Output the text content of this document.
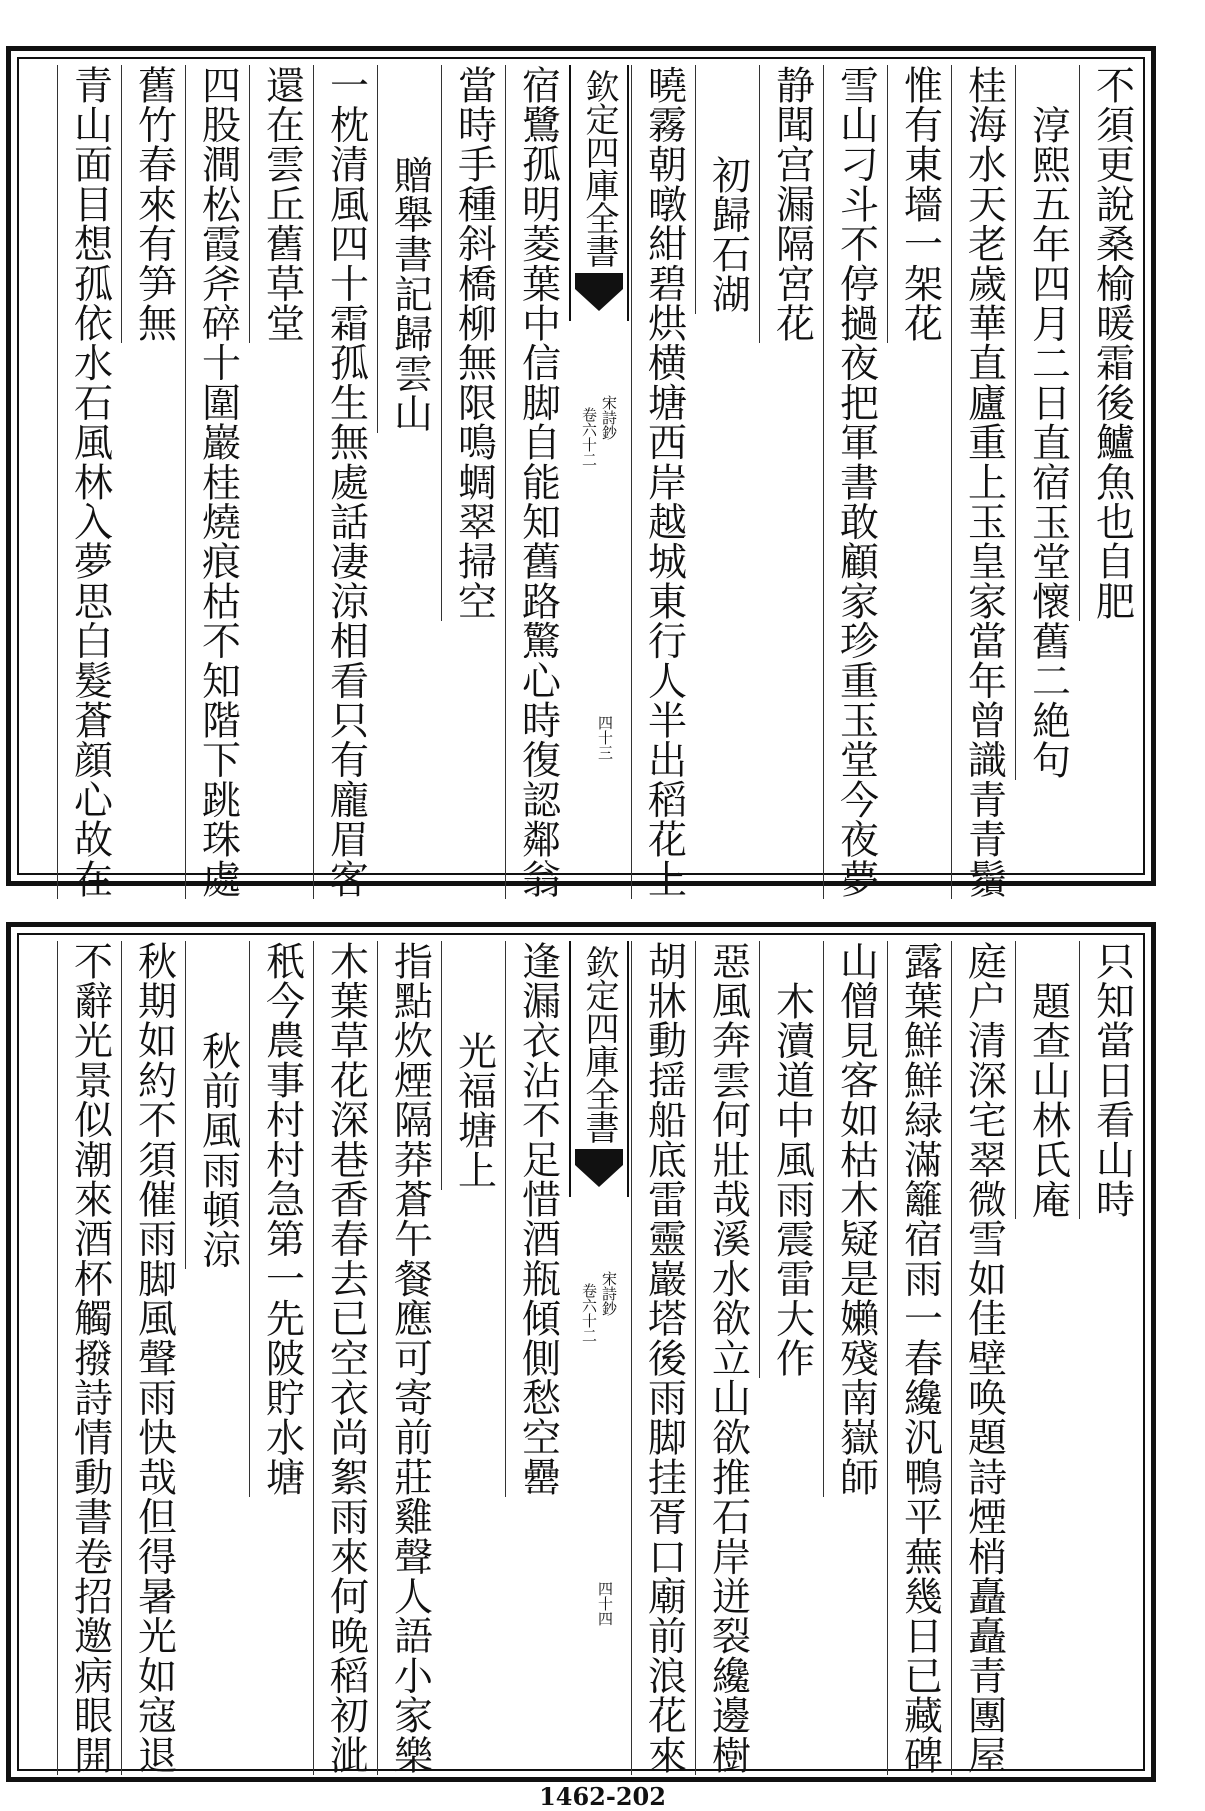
不須更說桑榆暖霜後鱸魚也自肥
淳熙五年四月二日直宿玉堂懷舊二絶句
桂海水天老歲華直廬重上玉皇家當年曾識青青鬚
惟有東墻一架花
雪山刁斗不停撾夜把軍書敢顧家珍重玉堂今夜夢
静聞宫漏隔宮花
初歸石湖
曉霧朝暾紺碧烘横塘西岸越城東行人半出稻花上
欽定四庫全書
宋詩鈔
卷六十二
四十三
宿鷺孤明菱葉中信脚自能知舊路驚心時復認鄰翁
當時手種斜橋柳無限鳴蜩翠掃空
贈舉書記歸雲山
一枕清風四十霜孤生無處話凄涼相看只有龐眉客
還在雲丘舊草堂
四股澗松霞斧碎十圍巖桂燒痕枯不知階下跳珠處
舊竹春來有笋無
青山面目想孤依水石風林入夢思白髮蒼顔心故在
只知當日看山時
題查山林氏庵
庭户清深宅翠微雪如佳壁唤題詩煙梢矗矗青團屋
露葉鮮鮮緑滿籬宿雨一春纔汎鴨平蕪幾日已藏碑
山僧見客如枯木疑是嬾殘南嶽師
木瀆道中風雨震雷大作
惡風奔雲何壯哉溪水欲立山欲推石岸迸裂纔邊樹
胡牀動揺船底雷靈巖塔後雨脚挂胥口廟前浪花來
欽定四庫全書
宋詩鈔
卷六十二
四十四
逢漏衣沾不足惜酒瓶傾側愁空罍
光福塘上
指點炊煙隔莽蒼午餐應可寄前莊雞聲人語小家樂
木葉草花深巷香春去已空衣尚絮雨來何晚稻初泚
秖今農事村村急第一先陂貯水塘
秋前風雨頓涼
秋期如約不須催雨脚風聲雨快哉但得暑光如寇退
不辭光景似潮來酒杯觸撥詩情動書卷招邀病眼開
1462-202
